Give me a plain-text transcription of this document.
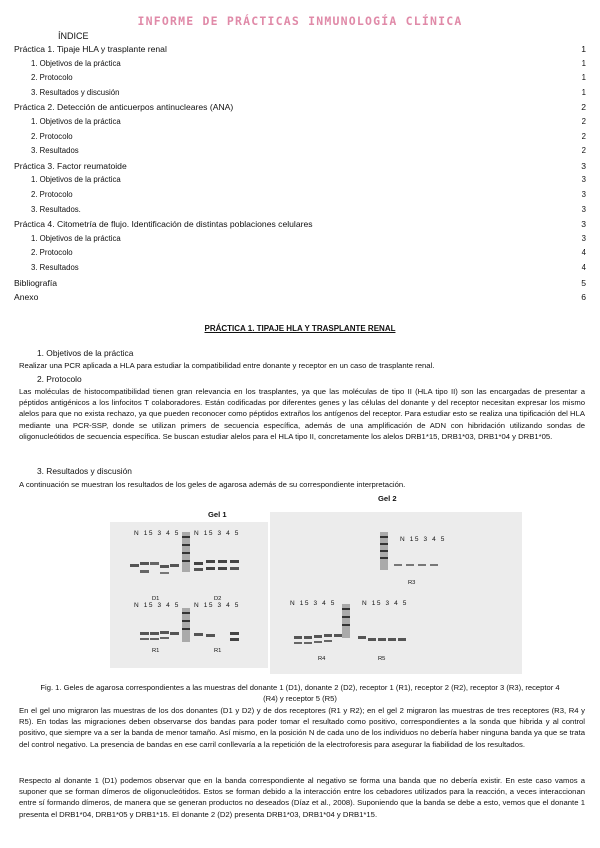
INFORME DE PRÁCTICAS INMUNOLOGÍA CLÍNICA
ÍNDICE
Práctica 1. Tipaje HLA y trasplante renal	1
1. Objetivos de la práctica	1
2. Protocolo	1
3. Resultados y discusión	1
Práctica 2. Detección de anticuerpos antinucleares (ANA)	2
1. Objetivos de la práctica	2
2. Protocolo	2
3. Resultados	2
Práctica 3. Factor reumatoide	3
1. Objetivos de la práctica	3
2. Protocolo	3
3. Resultados.	3
Práctica 4. Citometría de flujo. Identificación de distintas poblaciones celulares	3
1. Objetivos de la práctica	3
2. Protocolo	4
3. Resultados	4
Bibliografía	5
Anexo	6
PRÁCTICA 1. TIPAJE HLA Y TRASPLANTE RENAL
1. Objetivos de la práctica
Realizar una PCR aplicada a HLA para estudiar la compatibilidad entre donante y receptor en un caso de trasplante renal.
2. Protocolo
Las moléculas de histocompatibilidad tienen gran relevancia en los trasplantes, ya que las moléculas de tipo II (HLA tipo II) son las encargadas de presentar a péptidos antigénicos a los linfocitos T colaboradores. Están codificadas por diferentes genes y las células del donante y del receptor necesitan expresar los mismo alelos para que no exista rechazo, ya que pueden reconocer como péptidos extraños los antígenos del receptor. Para estudiar esto se realiza una tipificación del HLA mediante una PCR-SSP, donde se utilizan primers de secuencia específica, además de una amplificación de ADN con hibridación utilizando sondas de oligonucleótidos de secuencia específica. Se buscan estudiar alelos para el HLA tipo II, concretamente los alelos DRB1*15, DRB1*03, DRB1*04 y DRB1*05.
3. Resultados y discusión
A continuación se muestran los resultados de los geles de agarosa además de su correspondiente interpretación.
Gel 2
Gel 1
N 15 3 4 5 N 15 3 4 5
N 15 3 4 5 N 15 3 4 5
D1	D2
R1	R1
N 15 3 4 5
N 15 3 4 5	N 15 3 4 5
R3
R4	R5
Fig. 1. Geles de agarosa correspondientes a las muestras del donante 1 (D1), donante 2 (D2), receptor 1 (R1), receptor 2 (R2), receptor 3 (R3), receptor 4 (R4) y receptor 5 (R5)
En el gel uno migraron las muestras de los dos donantes (D1 y D2) y de dos receptores (R1 y R2); en el gel 2 migraron las muestras de tres receptores (R3, R4 y R5). En todas las migraciones deben observarse dos bandas para poder tomar el resultado como positivo, correspondientes a la sonda que hibrida y al control positivo, que siempre va a ser la banda de menor tamaño. Así mismo, en la posición N de cada uno de los individuos no debería haber ninguna banda ya que se trata del control negativo. La presencia de bandas en ese carril conllevaría a la repetición de la electroforesis para asegurar la fiabilidad de los resultados.
Respecto al donante 1 (D1) podemos observar que en la banda correspondiente al negativo se forma una banda que no debería existir. En este caso vamos a suponer que se forman dímeros de oligonucleótidos. Estos se forman debido a la interacción entre los cebadores utilizados para la reacción, a veces interaccionan entre sí formando dímeros, de manera que se generan productos no deseados (Díaz et al., 2008). Suponiendo que la banda se debe a esto, vemos que el donante 1 presenta el DRB1*04, DRB1*05 y DRB1*15. El donante 2 (D2) presenta DRB1*03, DRB1*04 y DRB1*15.
